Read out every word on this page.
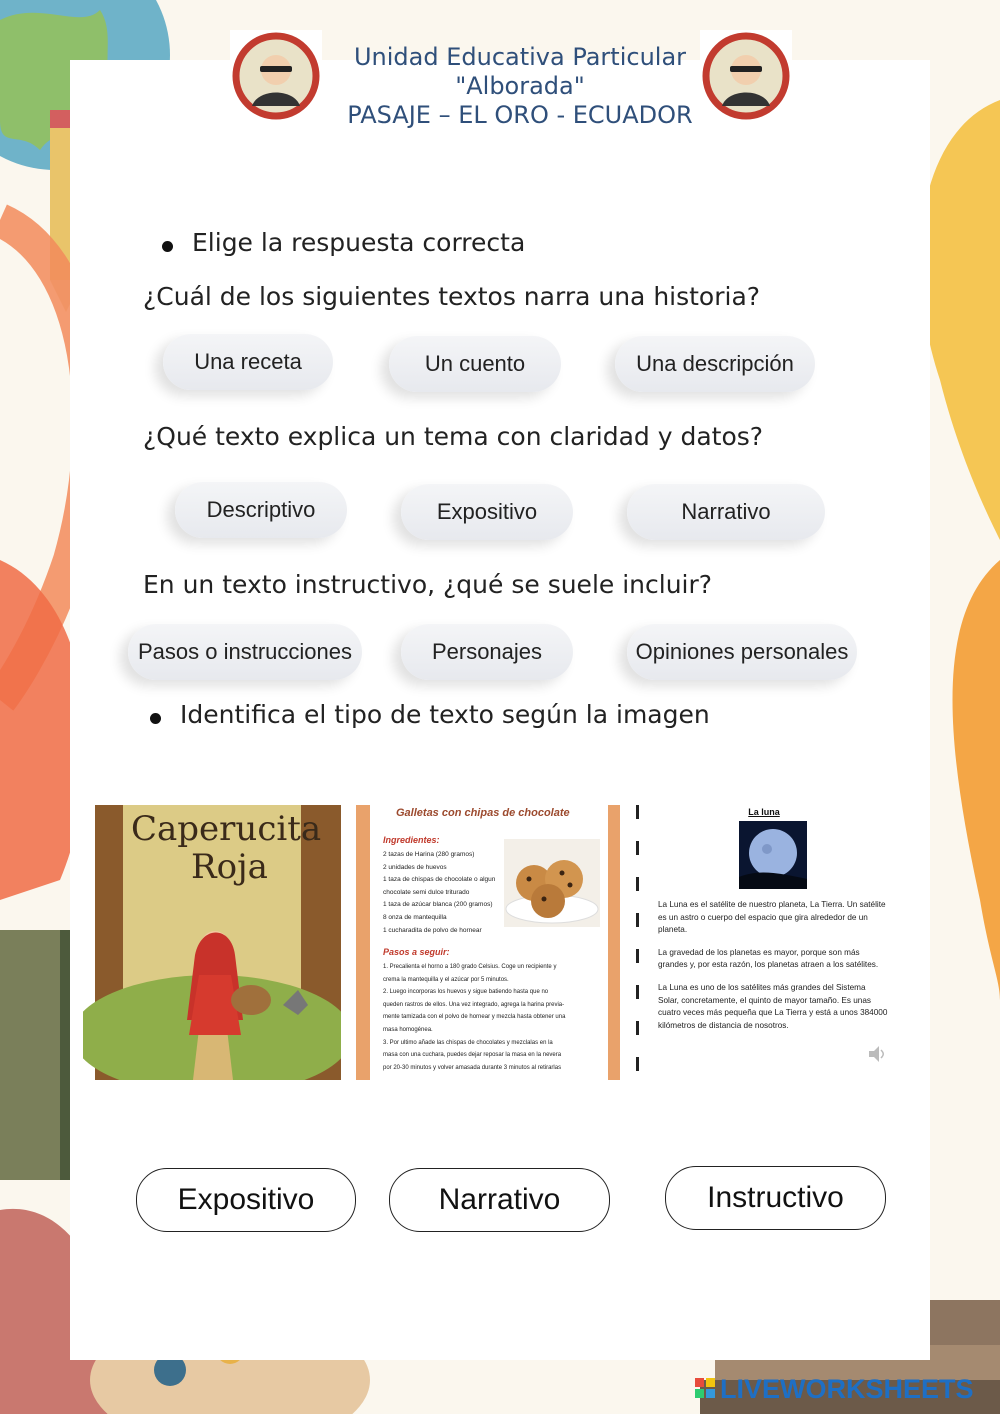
Unidad Educativa Particular
"Alborada"
PASAJE – EL ORO - ECUADOR
Elige la respuesta correcta
¿Cuál de los siguientes textos narra una historia?
Una receta	Un cuento	Una descripción
¿Qué texto explica un tema con claridad y datos?
Descriptivo	Expositivo	Narrativo
En un texto instructivo, ¿qué se suele incluir?
Pasos o instrucciones	Personajes	Opiniones personales
Identifica el tipo de texto según la imagen
Caperucita
Roja
Galletas con chipas de chocolate
Ingredientes:
2 tazas de Harina (280 gramos)
2 unidades de huevos
1 taza de chispas de chocolate o algun
chocolate semi dulce triturado
1 taza de azúcar blanca (200 gramos)
8 onza de mantequilla
1 cucharadita de polvo de hornear
Pasos a seguir:
1. Precalienta el horno a 180 grado Celsius. Coge un recipiente y
crema la mantequilla y el azúcar por 5 minutos.
2. Luego incorporas los huevos y sigue batiendo hasta que no
queden rastros de ellos. Una vez integrado, agrega la harina previa-
mente tamizada con el polvo de hornear y mezcla hasta obtener una
masa homogénea.
3. Por ultimo añade las chispas de chocolates y mezclalas en la
masa con una cuchara, puedes dejar reposar la masa en la nevera
por 20-30 minutos y volver amasada durante 3 minutos al retirarlas
La luna
La Luna es el satélite de nuestro planeta, La Tierra. Un satélite es un astro o cuerpo del espacio que gira alrededor de un planeta.
La gravedad de los planetas es mayor, porque son más grandes y, por esta razón, los planetas atraen a los satélites.
La Luna es uno de los satélites más grandes del Sistema Solar, concretamente, el quinto de mayor tamaño. Es unas cuatro veces más pequeña que La Tierra y está a unos 384000 kilómetros de distancia de nosotros.
Expositivo	Narrativo	Instructivo
LIVEWORKSHEETS
